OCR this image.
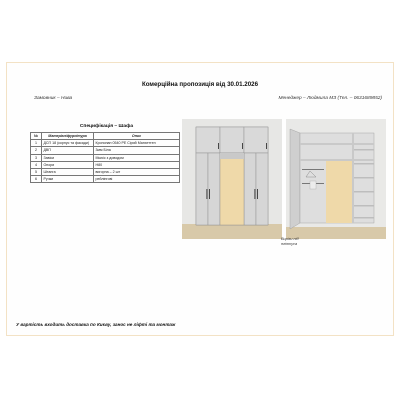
Комерційна пропозиція від 30.01.2026
Замовник – Нива	Менеджер – Людмила МЗ (Тел. – 0631689852)
Вирізи під плінтуса
Специфікація – Шафа
№	Матеріал/фурнітура	Опис
1	ДСП 18 (корпус та фасади)	Кронопан 0540 PE Сірий Манхеттен
2	ДВП	3мм Біла
3	Завіси	Мьюіс з доводом
4	Опори	H80
5	Штанга	вигорна – 2 шт
6	Ручки	рейлінгові
У вартість входить доставка по Києву, занос не ліфті та монтаж
